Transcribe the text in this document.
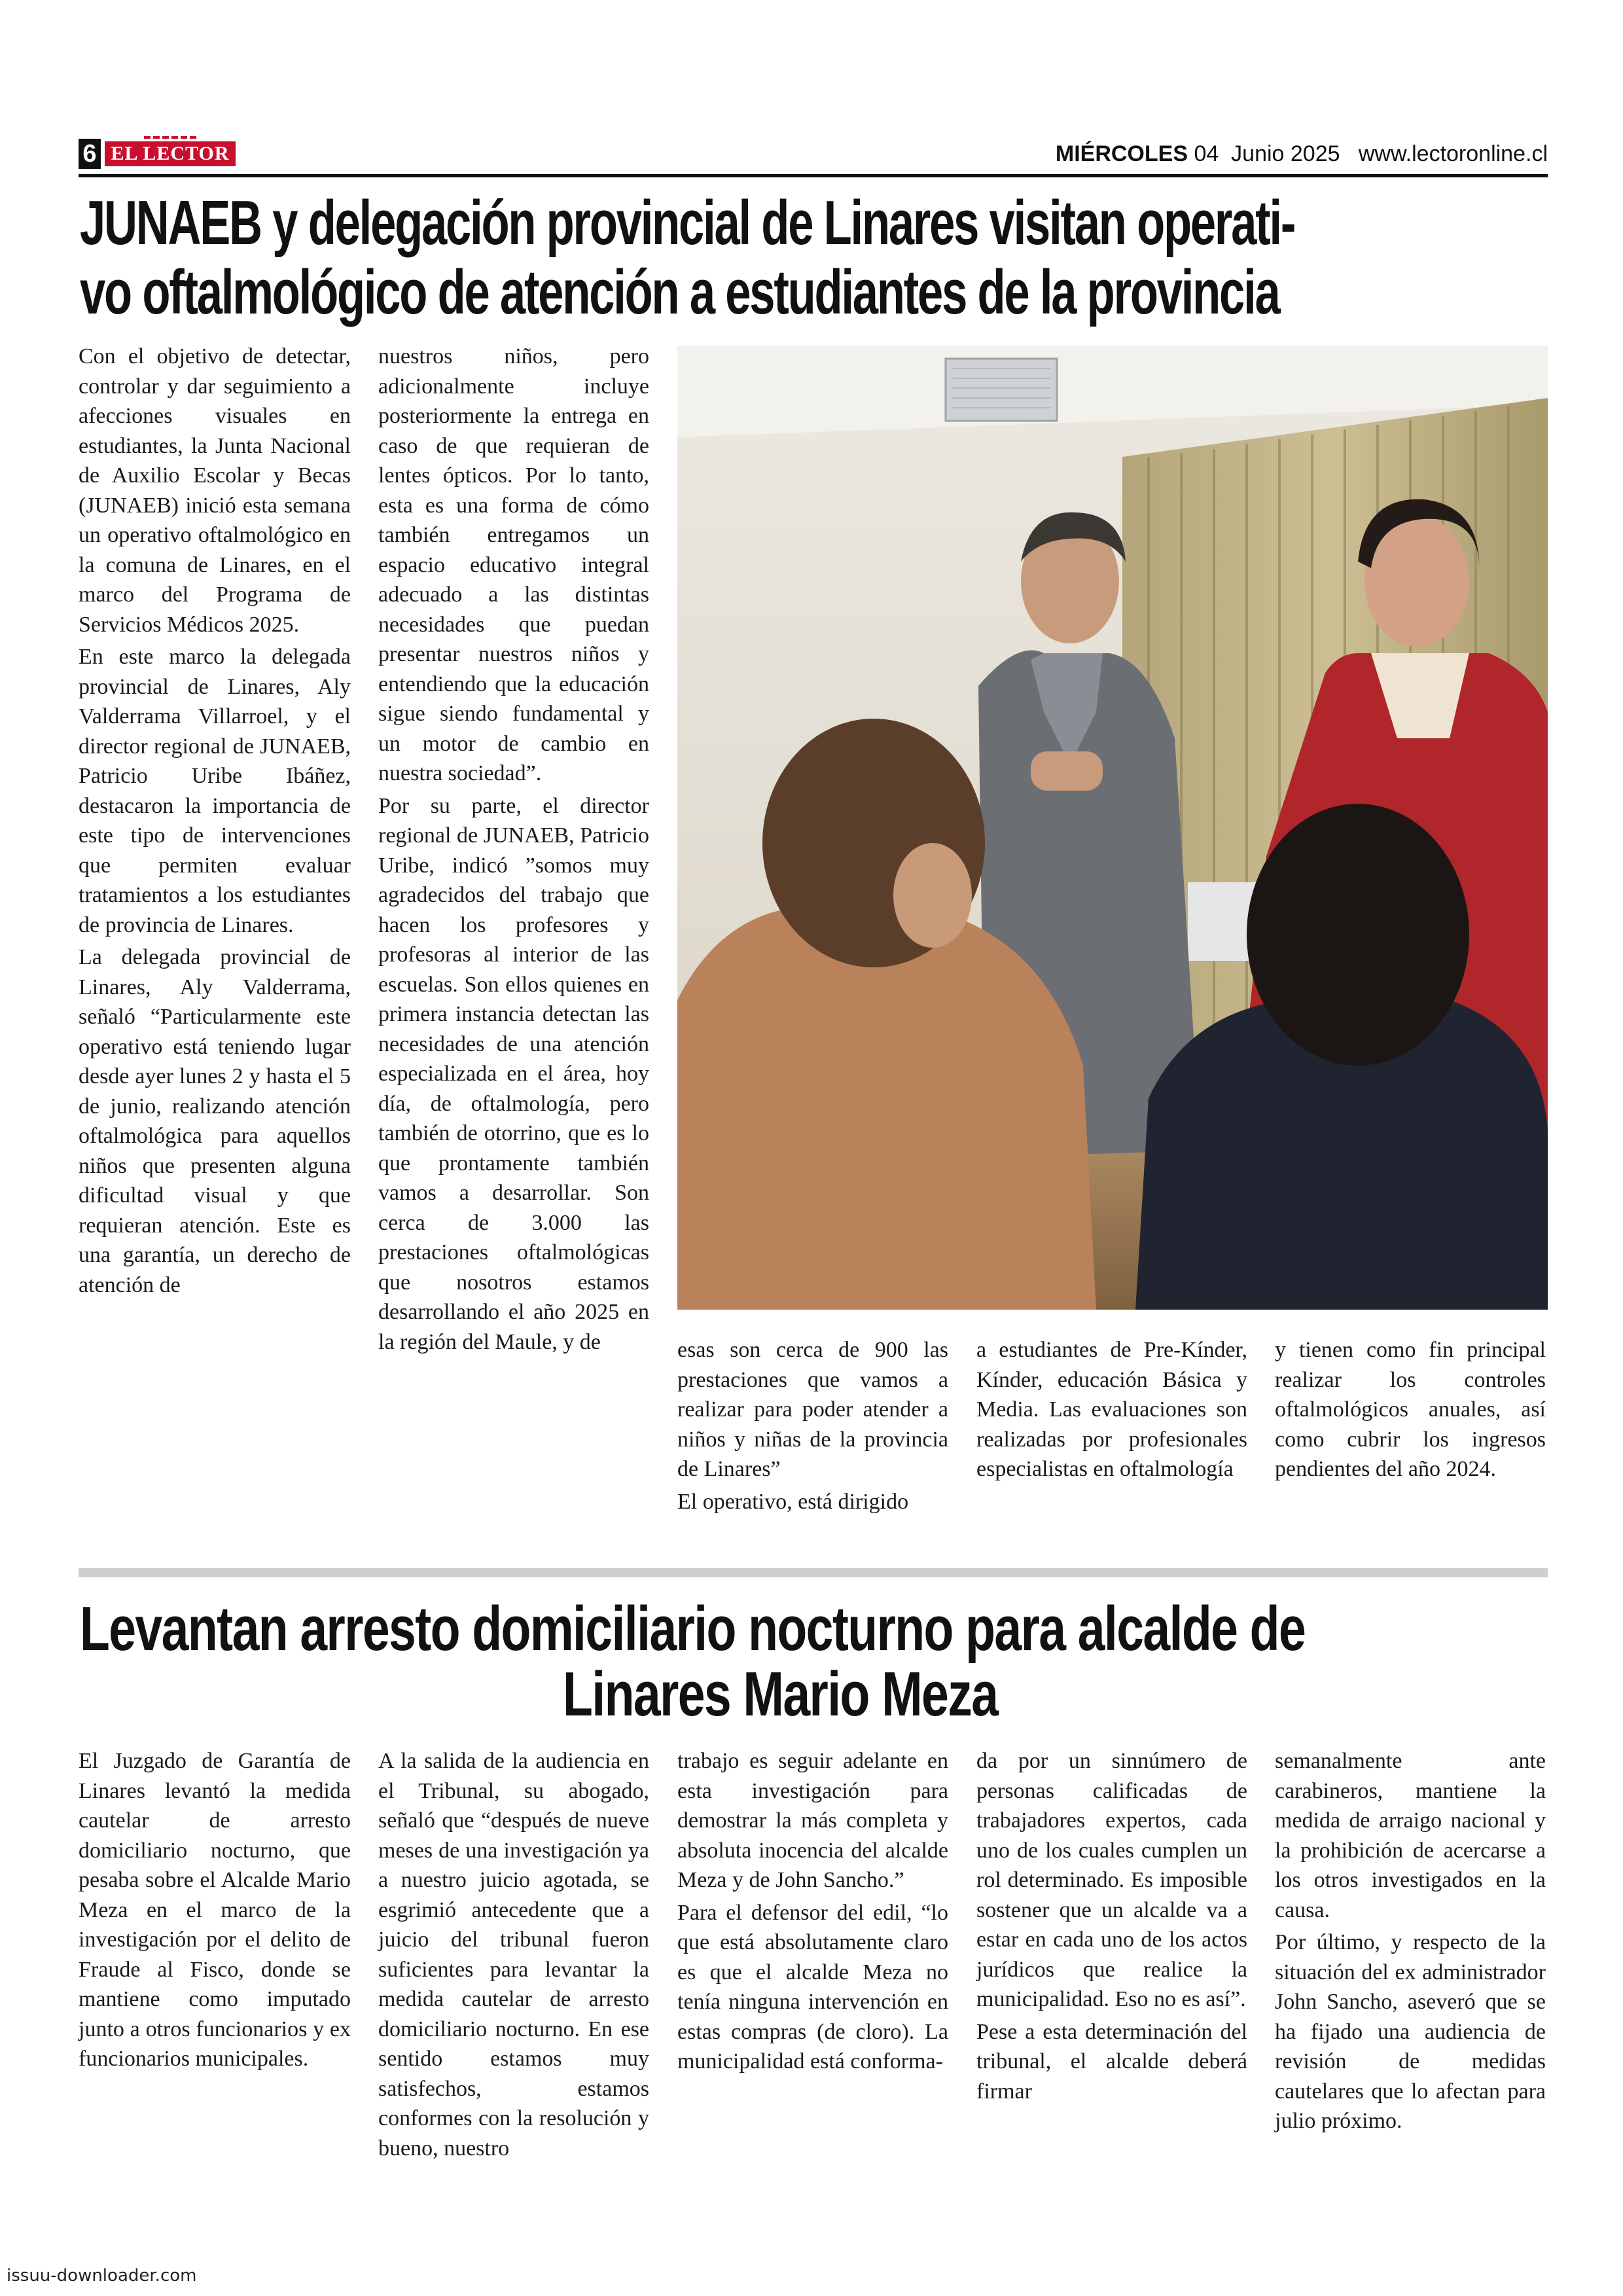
6 EL LECTOR	MIÉRCOLES 04  Junio 2025 www.lectoronline.cl
JUNAEB y delegación provincial de Linares visitan operati-
vo oftalmológico de atención a estudiantes de la provincia

Con el objetivo de detectar, controlar y dar seguimiento a afecciones visuales en estudiantes, la Junta Nacional de Auxilio Escolar y Becas (JUNAEB) inició esta semana un operativo oftalmológico en la comuna de Linares, en el marco del Programa de Servicios Médicos 2025.

En este marco la delegada provincial de Linares, Aly Valderrama Villarroel, y el director regional de JUNAEB, Patricio Uribe Ibáñez, destacaron la importancia de este tipo de intervenciones que permiten evaluar tratamientos a los estudiantes de provincia de Linares.

La delegada provincial de Linares, Aly Valderrama, señaló “Particularmente este operativo está teniendo lugar desde ayer lunes 2 y hasta el 5 de junio, realizando atención oftalmológica para aquellos niños que presenten alguna dificultad visual y que requieran atención. Este es una garantía, un derecho de atención de

nuestros niños, pero adicionalmente incluye posteriormente la entrega en caso de que requieran de lentes ópticos. Por lo tanto, esta es una forma de cómo también entregamos un espacio educativo integral adecuado a las distintas necesidades que puedan presentar nuestros niños y entendiendo que la educación sigue siendo fundamental y un motor de cambio en nuestra sociedad”.

Por su parte, el director regional de JUNAEB, Patricio Uribe, indicó ”somos muy agradecidos del trabajo que hacen los profesores y profesoras al interior de las escuelas. Son ellos quienes en primera instancia detectan las necesidades de una atención especializada en el área, hoy día, de oftalmología, pero también de otorrino, que es lo que prontamente también vamos a desarrollar. Son cerca de 3.000 las prestaciones oftalmológicas que nosotros estamos desarrollando el año 2025 en la región del Maule, y de	esas son cerca de 900 las prestaciones que vamos a realizar para poder atender a niños y niñas de la provincia de Linares”

El operativo, está dirigido

a estudiantes de Pre-Kínder, Kínder, educación Básica y Media. Las evaluaciones son realizadas por profesionales especialistas en oftalmología

y tienen como fin principal realizar los controles oftalmológicos anuales, así como cubrir los ingresos pendientes del año 2024.

Levantan arresto domiciliario nocturno para alcalde de
Linares Mario Meza

El Juzgado de Garantía de Linares levantó la medida cautelar de arresto domiciliario nocturno, que pesaba sobre el Alcalde Mario Meza en el marco de la investigación por el delito de Fraude al Fisco, donde se mantiene como imputado junto a otros funcionarios y ex funcionarios municipales.

A la salida de la audiencia en el Tribunal, su abogado, señaló que “después de nueve meses de una investigación ya a nuestro juicio agotada, se esgrimió antecedente que a juicio del tribunal fueron suficientes para levantar la medida cautelar de arresto domiciliario nocturno. En ese sentido estamos muy satisfechos, estamos conformes con la resolución y bueno, nuestro

trabajo es seguir adelante en esta investigación para demostrar la más completa y absoluta inocencia del alcalde Meza y de John Sancho.”

Para el defensor del edil, “lo que está absolutamente claro es que el alcalde Meza no tenía ninguna intervención en estas compras (de cloro). La municipalidad está conforma-

da por un sinnúmero de personas calificadas de trabajadores expertos, cada uno de los cuales cumplen un rol determinado. Es imposible sostener que un alcalde va a estar en cada uno de los actos jurídicos que realice la municipalidad. Eso no es así”.

Pese a esta determinación del tribunal, el alcalde deberá firmar

semanalmente ante carabineros, mantiene la medida de arraigo nacional y la prohibición de acercarse a los otros investigados en la causa.

Por último, y respecto de la situación del ex administrador John Sancho, aseveró que se ha fijado una audiencia de revisión de medidas cautelares que lo afectan para julio próximo.

issuu-downloader.com
